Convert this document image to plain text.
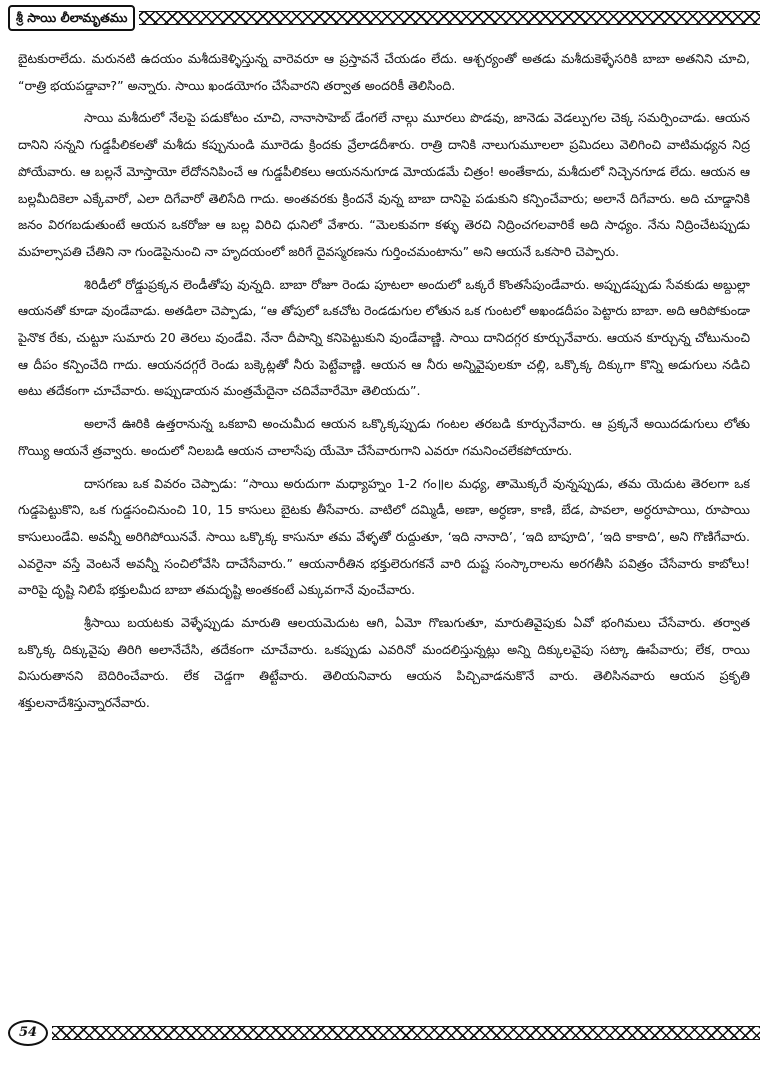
శ్రీ సాయి లీలామృతము

బైటకురాలేదు. మరునటి ఉదయం మశీదుకెళ్ళిస్తున్న వారెవరూ ఆ ప్రస్తావనే చేయడం లేదు. ఆశ్చర్యంతో అతడు మశీదుకెళ్ళేసరికి బాబా అతనిని చూచి, “రాత్రి భయపడ్డావా?” అన్నారు. సాయి ఖండయోగం చేసేవారని తర్వాత అందరికీ తెలిసింది.

సాయి మశీదులో నేలపై పడుకోటం చూచి, నానాసాహెబ్ డేంగలే నాల్గు మూరలు పొడవు, జానెడు వెడల్పుగల చెక్క సమర్పించాడు. ఆయన దానిని సన్నని గుడ్డపీలికలతో మశీదు కప్పునుండి మూరెడు క్రిందకు వ్రేలాడదీశారు. రాత్రి దానికి నాలుగుమూలలా ప్రమిదలు వెలిగించి వాటిమధ్యన నిద్ర పోయేవారు. ఆ బల్లనే మోస్తాయో లేదోననిపించే ఆ గుడ్డపీలికలు ఆయననుగూడ మోయడమే చిత్రం! అంతేకాదు, మశీదులో నిచ్చెనగూడ లేదు. ఆయన ఆ బల్లమీదికెలా ఎక్కేవారో, ఎలా దిగేవారో తెలిసేది గాదు. అంతవరకు క్రిందనే వున్న బాబా దానిపై పడుకుని కన్పించేవారు; అలానే దిగేవారు. అది చూడ్డానికి జనం విరగబడుతుంటే ఆయన ఒకరోజు ఆ బల్ల విరిచి ధునిలో వేశారు. “మెలకువగా కళ్ళు తెరచి నిద్రించగలవారికే అది సాధ్యం. నేను నిద్రించేటప్పుడు మహల్సాపతి చేతిని నా గుండెపైనుంచి నా హృదయంలో జరిగే దైవస్మరణను గుర్తించమంటాను” అని ఆయనే ఒకసారి చెప్పారు.

శిరిడీలో రోడ్డుప్రక్కన లెండీతోపు వున్నది. బాబా రోజూ రెండు పూటలా అందులో ఒక్కరే కొంతసేపుండేవారు. అప్పుడప్పుడు సేవకుడు అబ్దుల్లా ఆయనతో కూడా వుండేవాడు. అతడిలా చెప్పాడు, “ఆ తోపులో ఒకచోట రెండడుగుల లోతున ఒక గుంటలో అఖండదీపం పెట్టారు బాబా. అది ఆరిపోకుండా పైనొక రేకు, చుట్టూ సుమారు 20 తెరలు వుండేవి. నేనా దీపాన్ని కనిపెట్టుకుని వుండేవాణ్ణి. సాయి దానిదగ్గర కూర్చునేవారు. ఆయన కూర్చున్న చోటునుంచి ఆ దీపం కన్పించేది గాదు. ఆయనదగ్గరే రెండు బక్కెట్లతో నీరు పెట్టేవాణ్ణి. ఆయన ఆ నీరు అన్నివైపులకూ చల్లి, ఒక్కొక్క దిక్కుగా కొన్ని అడుగులు నడిచి అటు తదేకంగా చూచేవారు. అప్పుడాయన మంత్రమేదైనా చదివేవారేమో తెలియదు”.

అలానే ఊరికి ఉత్తరానున్న ఒకబావి అంచుమీద ఆయన ఒక్కొక్కప్పుడు గంటల తరబడి కూర్చునేవారు. ఆ ప్రక్కనే అయిదడుగులు లోతు గొయ్యి ఆయనే త్రవ్వారు. అందులో నిలబడి ఆయన చాలాసేపు యేమో చేసేవారుగాని ఎవరూ గమనించలేకపోయారు.

దాసగణు ఒక వివరం చెప్పాడు: “సాయి అరుదుగా మధ్యాహ్నం 1-2 గం॥ల మధ్య, తామొక్కరే వున్నప్పుడు, తమ యెదుట తెరలగా ఒక గుడ్డపెట్టుకొని, ఒక గుడ్డసంచినుంచి 10, 15 కాసులు బైటకు తీసేవారు. వాటిలో దమ్మిడీ, అణా, అర్ధణా, కాణి, బేడ, పావలా, అర్ధరూపాయి, రూపాయి కాసులుండేవి. అవన్నీ అరిగిపోయినవే. సాయి ఒక్కొక్క కాసునూ తమ వేళ్ళతో రుద్దుతూ, ‘ఇది నానాది’, ‘ఇది బాపూది’, ‘ఇది కాకాది’, అని గొణిగేవారు. ఎవరైనా వస్తే వెంటనే అవన్నీ సంచిలోవేసి దాచేసేవారు.” ఆయనారీతిన భక్తులెరుగకనే వారి దుష్ట సంస్కారాలను అరగతీసి పవిత్రం చేసేవారు కాబోలు! వారిపై దృష్టి నిలిపే భక్తులమీద బాబా తమదృష్టి అంతకంటే ఎక్కువగానే వుంచేవారు.

శ్రీసాయి బయటకు వెళ్ళేప్పుడు మారుతి ఆలయమెదుట ఆగి, ఏమో గొణుగుతూ, మారుతివైపుకు ఏవో భంగిమలు చేసేవారు. తర్వాత ఒక్కొక్క దిక్కువైపు తిరిగి అలానేచేసి, తదేకంగా చూచేవారు. ఒకప్పుడు ఎవరినో మందలిస్తున్నట్లు అన్ని దిక్కులవైపు సట్కా ఊపేవారు; లేక, రాయి విసురుతానని బెదిరించేవారు. లేక చెడ్డగా తిట్టేవారు. తెలియనివారు ఆయన పిచ్చివాడనుకొనే వారు. తెలిసినవారు ఆయన ప్రకృతి శక్తులనాదేశిస్తున్నారనేవారు.

54
